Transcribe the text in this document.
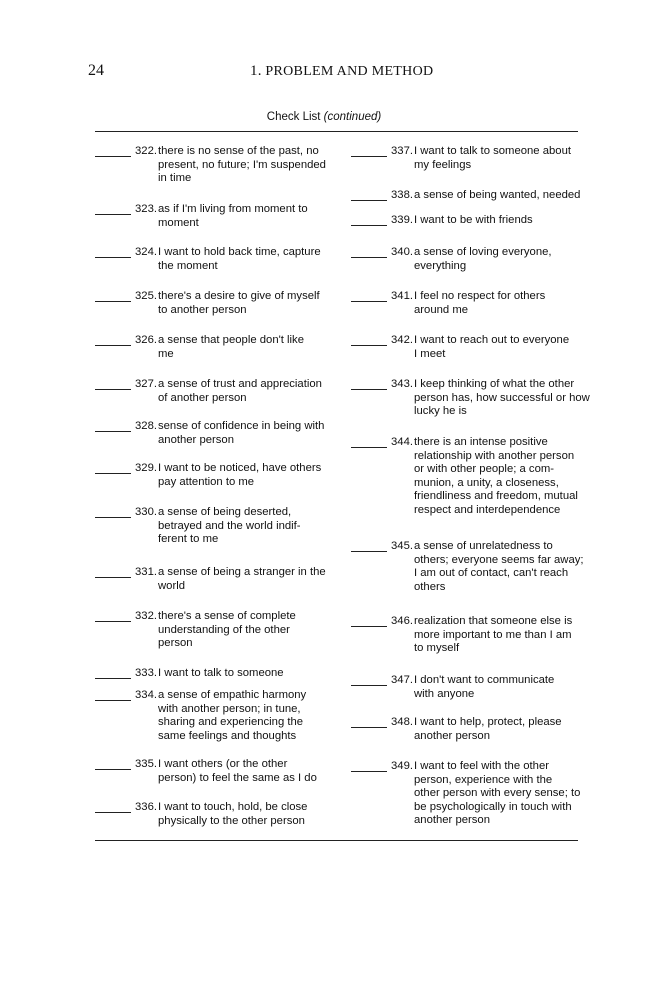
24	1. PROBLEM AND METHOD
Check List (continued)
322. there is no sense of the past, no
present, no future; I'm suspended
in time
323. as if I'm living from moment to
moment
324. I want to hold back time, capture
the moment
325. there's a desire to give of myself
to another person
326. a sense that people don't like
me
327. a sense of trust and appreciation
of another person
328. sense of confidence in being with
another person
329. I want to be noticed, have others
pay attention to me
330. a sense of being deserted,
betrayed and the world indif-
ferent to me
331. a sense of being a stranger in the
world
332. there's a sense of complete
understanding of the other
person
333. I want to talk to someone
334. a sense of empathic harmony
with another person; in tune,
sharing and experiencing the
same feelings and thoughts
335. I want others (or the other
person) to feel the same as I do
336. I want to touch, hold, be close
physically to the other person
337. I want to talk to someone about
my feelings
338. a sense of being wanted, needed
339. I want to be with friends
340. a sense of loving everyone,
everything
341. I feel no respect for others
around me
342. I want to reach out to everyone
I meet
343. I keep thinking of what the other
person has, how successful or how
lucky he is
344. there is an intense positive
relationship with another person
or with other people; a com-
munion, a unity, a closeness,
friendliness and freedom, mutual
respect and interdependence
345. a sense of unrelatedness to
others; everyone seems far away;
I am out of contact, can't reach
others
346. realization that someone else is
more important to me than I am
to myself
347. I don't want to communicate
with anyone
348. I want to help, protect, please
another person
349. I want to feel with the other
person, experience with the
other person with every sense; to
be psychologically in touch with
another person
